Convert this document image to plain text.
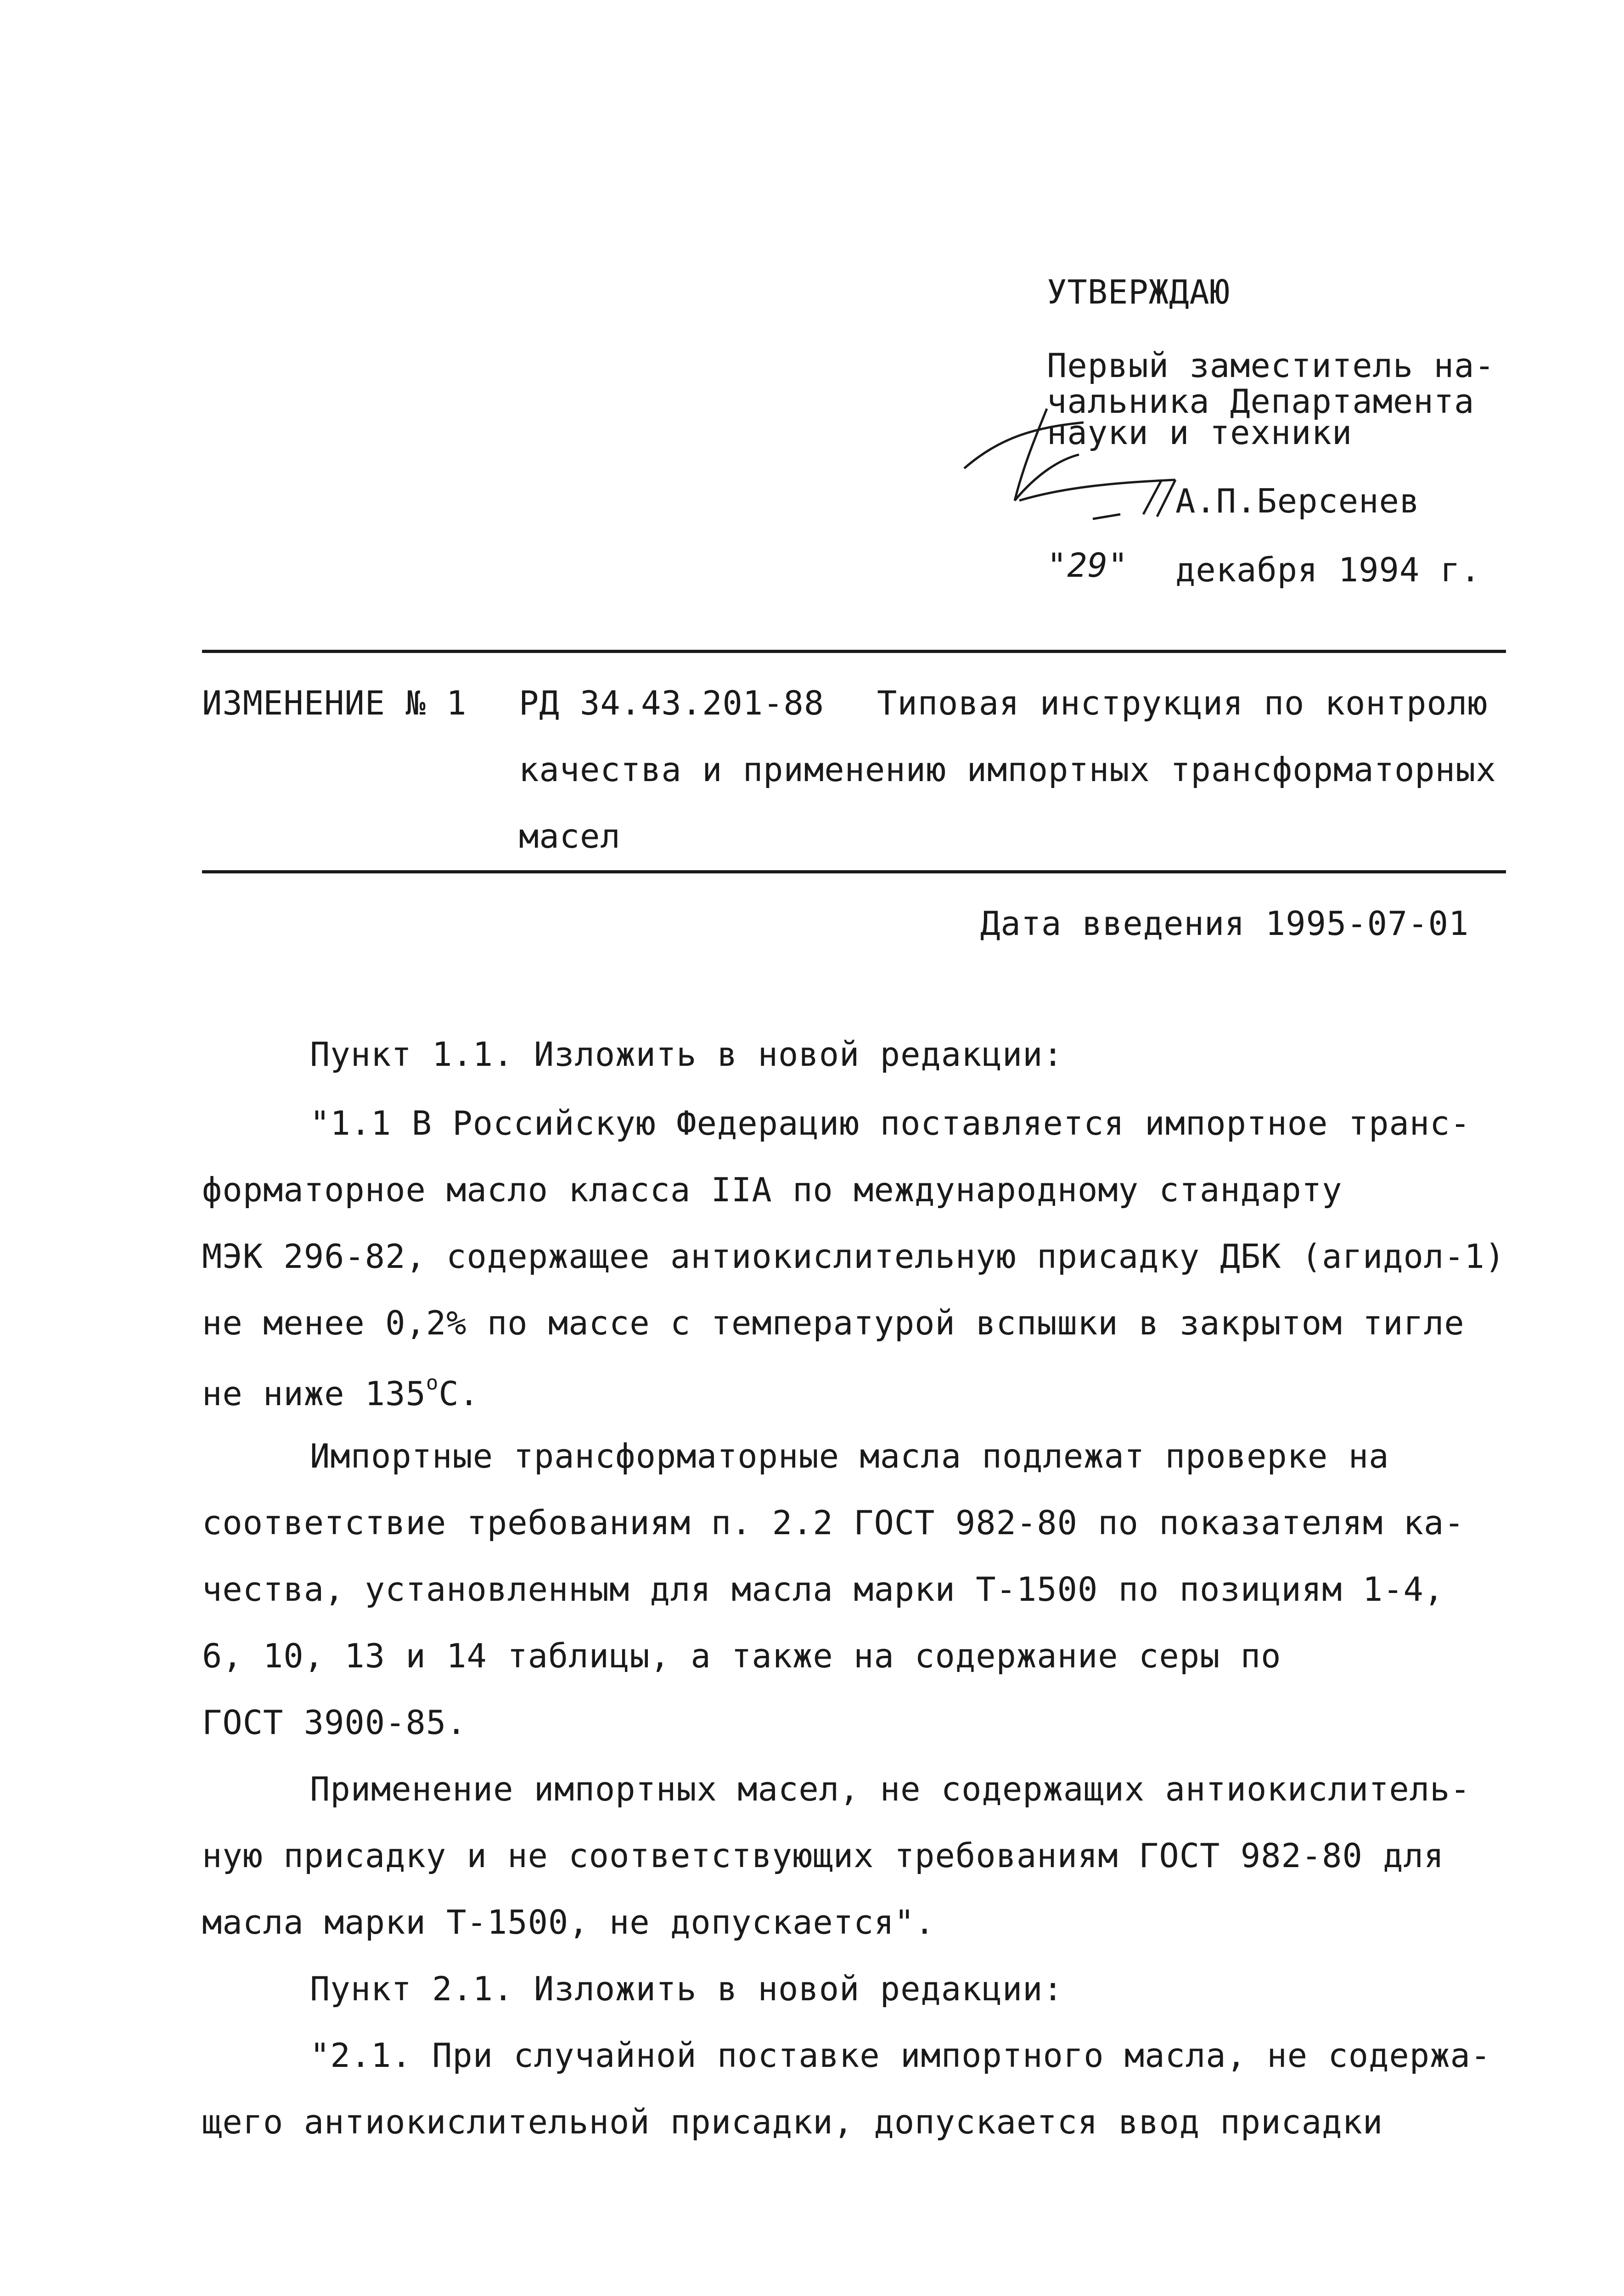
УТВЕРЖДАЮ
Первый заместитель на-
чальника Департамента
науки и техники
А.П.Берсенев
"29" декабря 1994 г.
ИЗМЕНЕНИЕ № 1 РД 34.43.201-88 Типовая инструкция по контролю
качества и применению импортных трансформаторных
масел
Дата введения 1995-07-01
Пункт 1.1. Изложить в новой редакции:
"1.1 В Российскую Федерацию поставляется импортное транс-
форматорное масло класса IIA по международному стандарту
МЭК 296-82, содержащее антиокислительную присадку ДБК (агидол-1)
не менее 0,2% по массе с температурой вспышки в закрытом тигле
не ниже $135^оС$.
Импортные трансформаторные масла подлежат проверке на
соответствие требованиям п. 2.2 ГОСТ 982-80 по показателям ка-
чества, установленным для масла марки Т-1500 по позициям 1-4,
6, 10, 13 и 14 таблицы, а также на содержание серы по
ГОСТ 3900-85.
Применение импортных масел, не содержащих антиокислитель-
ную присадку и не соответствующих требованиям ГОСТ 982-80 для
масла марки Т-1500, не допускается".
Пункт 2.1. Изложить в новой редакции:
"2.1. При случайной поставке импортного масла, не содержа-
щего антиокислительной присадки, допускается ввод присадки
